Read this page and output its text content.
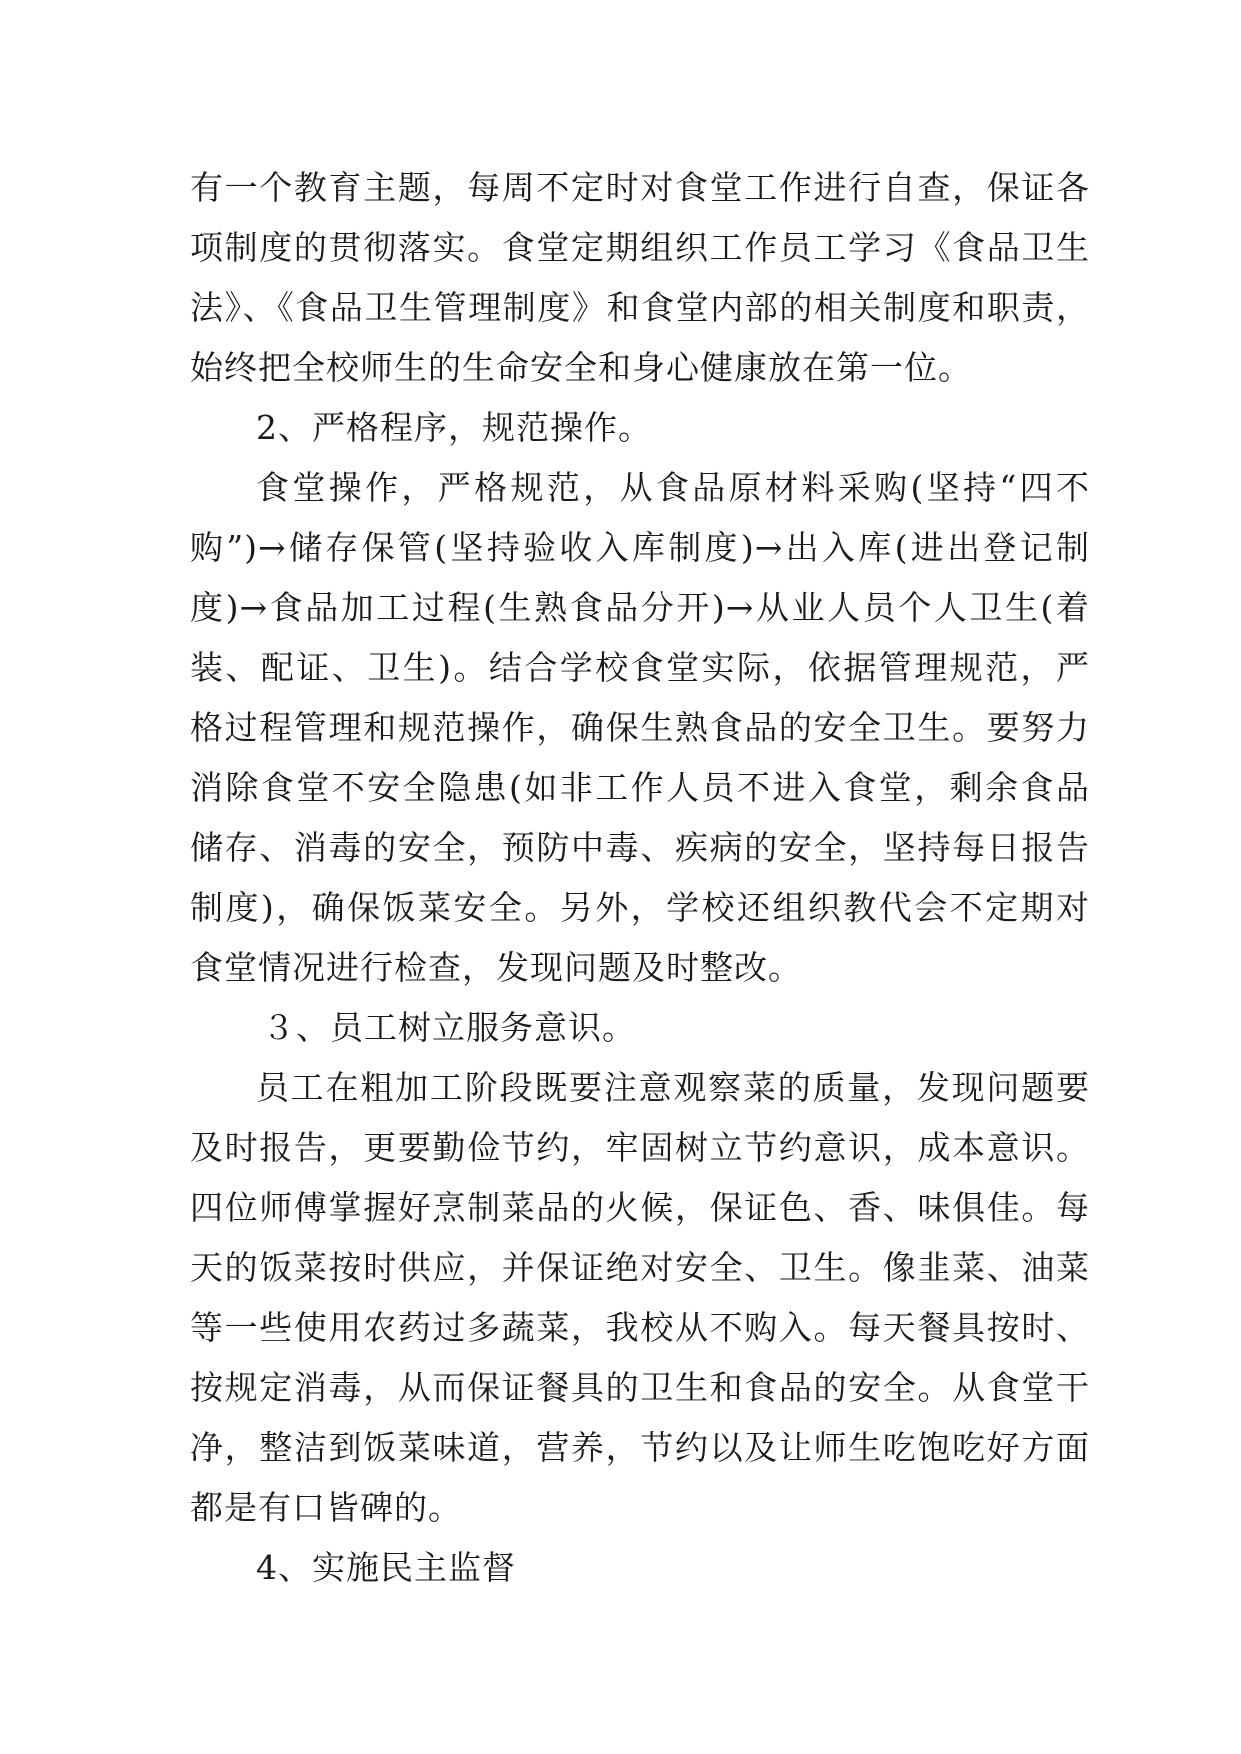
有一个教育主题，每周不定时对食堂工作进行自查，保证各
项制度的贯彻落实。食堂定期组织工作员工学习《食品卫生
法》、《食品卫生管理制度》和食堂内部的相关制度和职责，
始终把全校师生的生命安全和身心健康放在第一位。
2、严格程序，规范操作。
食堂操作，严格规范，从食品原材料采购(坚持“四不
购”)→储存保管(坚持验收入库制度)→出入库(进出登记制
度)→食品加工过程(生熟食品分开)→从业人员个人卫生(着
装、配证、卫生)。结合学校食堂实际，依据管理规范，严
格过程管理和规范操作，确保生熟食品的安全卫生。要努力
消除食堂不安全隐患(如非工作人员不进入食堂，剩余食品
储存、消毒的安全，预防中毒、疾病的安全，坚持每日报告
制度)，确保饭菜安全。另外，学校还组织教代会不定期对
食堂情况进行检查，发现问题及时整改。
３、员工树立服务意识。
员工在粗加工阶段既要注意观察菜的质量，发现问题要
及时报告，更要勤俭节约，牢固树立节约意识，成本意识。
四位师傅掌握好烹制菜品的火候，保证色、香、味俱佳。每
天的饭菜按时供应，并保证绝对安全、卫生。像韭菜、油菜
等一些使用农药过多蔬菜，我校从不购入。每天餐具按时、
按规定消毒，从而保证餐具的卫生和食品的安全。从食堂干
净，整洁到饭菜味道，营养，节约以及让师生吃饱吃好方面
都是有口皆碑的。
4、实施民主监督
